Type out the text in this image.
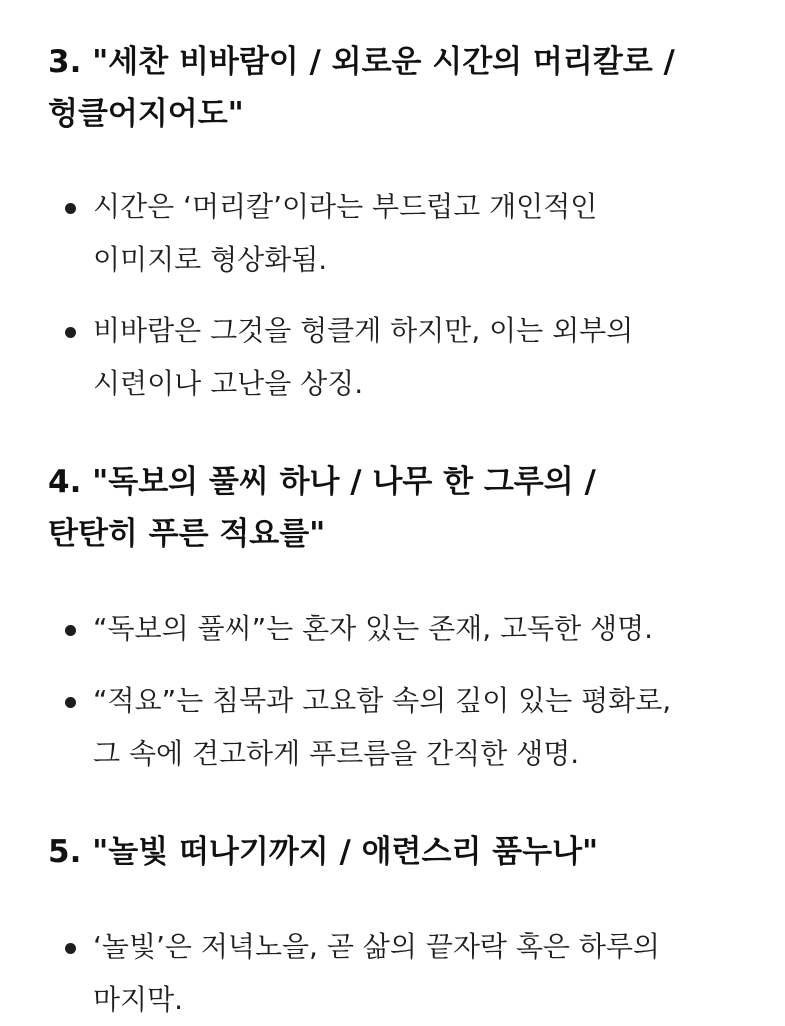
3. "세찬 비바람이 / 외로운 시간의 머리칼로 /
헝클어지어도"
시간은 ‘머리칼’이라는 부드럽고 개인적인
이미지로 형상화됨.
비바람은 그것을 헝클게 하지만, 이는 외부의
시련이나 고난을 상징.
4. "독보의 풀씨 하나 / 나무 한 그루의 /
탄탄히 푸른 적요를"
“독보의 풀씨”는 혼자 있는 존재, 고독한 생명.
“적요”는 침묵과 고요함 속의 깊이 있는 평화로,
그 속에 견고하게 푸르름을 간직한 생명.
5. "놀빛 떠나기까지 / 애련스리 품누나"
‘놀빛’은 저녁노을, 곧 삶의 끝자락 혹은 하루의
마지막.
